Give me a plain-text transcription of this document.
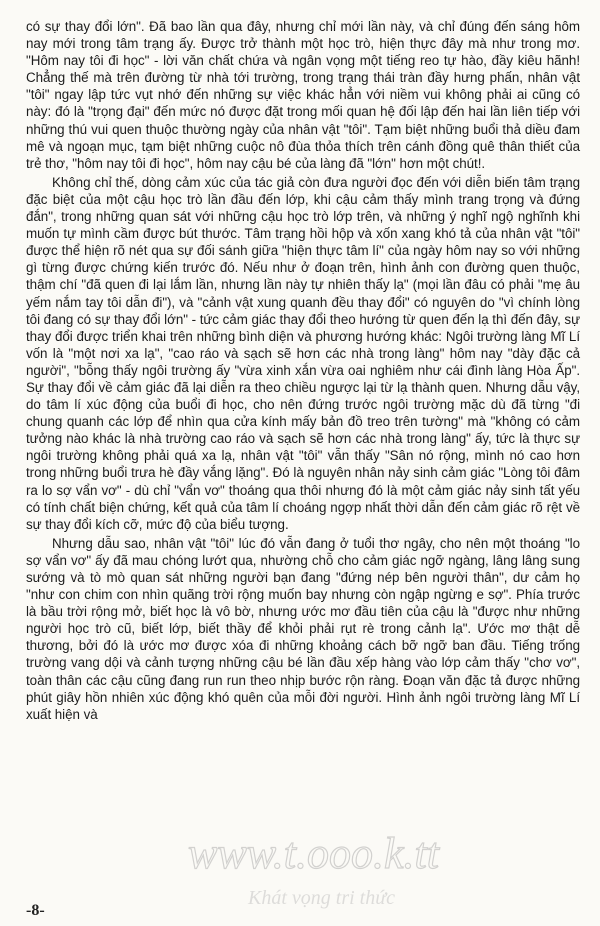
có sự thay đổi lớn". Đã bao lần qua đây, nhưng chỉ mới lần này, và chỉ đúng đến sáng hôm nay mới trong tâm trạng ấy. Được trở thành một học trò, hiện thực đây mà như trong mơ. "Hôm nay tôi đi học" - lời văn chất chứa và ngân vọng một tiếng reo tự hào, đầy kiêu hãnh! Chẳng thế mà trên đường từ nhà tới trường, trong trạng thái tràn đầy hưng phấn, nhân vật "tôi" ngay lập tức vụt nhớ đến những sự việc khác hẳn với niềm vui không phải ai cũng có này: đó là "trọng đại" đến mức nó được đặt trong mối quan hệ đối lập đến hai lần liên tiếp với những thú vui quen thuộc thường ngày của nhân vật "tôi". Tạm biệt những buổi thả diều đam mê và ngoạn mục, tạm biệt những cuộc nô đùa thỏa thích trên cánh đồng quê thân thiết của trẻ thơ, "hôm nay tôi đi học", hôm nay cậu bé của làng đã "lớn" hơn một chút!.

Không chỉ thế, dòng cảm xúc của tác giả còn đưa người đọc đến với diễn biến tâm trạng đặc biệt của một cậu học trò lần đầu đến lớp, khi cậu cảm thấy mình trang trọng và đứng đắn", trong những quan sát với những cậu học trò lớp trên, và những ý nghĩ ngộ nghĩnh khi muốn tự mình cầm được bút thước. Tâm trạng hồi hộp và xốn xang khó tả của nhân vật "tôi" được thể hiện rõ nét qua sự đối sánh giữa "hiện thực tâm lí" của ngày hôm nay so với những gì từng được chứng kiến trước đó. Nếu như ở đoạn trên, hình ảnh con đường quen thuộc, thậm chí "đã quen đi lại lắm lần, nhưng lần này tự nhiên thấy lạ" (mọi lần đâu có phải "mẹ âu yếm nắm tay tôi dẫn đi"), và "cảnh vật xung quanh đều thay đổi" có nguyên do "vì chính lòng tôi đang có sự thay đổi lớn" - tức cảm giác thay đổi theo hướng từ quen đến lạ thì đến đây, sự thay đổi được triển khai trên những bình diện và phương hướng khác: Ngôi trường làng Mĩ Lí vốn là "một nơi xa lạ", "cao ráo và sạch sẽ hơn các nhà trong làng" hôm nay "dày đặc cả người", "bỗng thấy ngôi trường ấy "vừa xinh xắn vừa oai nghiêm như cái đình làng Hòa Ấp". Sự thay đổi về cảm giác đã lại diễn ra theo chiều ngược lại từ lạ thành quen. Nhưng dẫu vậy, do tâm lí xúc động của buổi đi học, cho nên đứng trước ngôi trường mặc dù đã từng "đi chung quanh các lớp để nhìn qua cửa kính mấy bản đồ treo trên tường" mà "không có cảm tưởng nào khác là nhà trường cao ráo và sạch sẽ hơn các nhà trong làng" ấy, tức là thực sự ngôi trường không phải quá xa lạ, nhân vật "tôi" vẫn thấy "Sân nó rộng, mình nó cao hơn trong những buổi trưa hè đầy vắng lặng". Đó là nguyên nhân nảy sinh cảm giác "Lòng tôi đâm ra lo sợ vẩn vơ" - dù chỉ "vẩn vơ" thoáng qua thôi nhưng đó là một cảm giác nảy sinh tất yếu có tính chất biện chứng, kết quả của tâm lí choáng ngợp nhất thời dẫn đến cảm giác rõ rệt về sự thay đổi kích cỡ, mức độ của biểu tượng.

Nhưng dẫu sao, nhân vật "tôi" lúc đó vẫn đang ở tuổi thơ ngây, cho nên một thoáng "lo sợ vẩn vơ" ấy đã mau chóng lướt qua, nhường chỗ cho cảm giác ngỡ ngàng, lâng lâng sung sướng và tò mò quan sát những người bạn đang "đứng nép bên người thân", dư cảm họ "như con chim con nhìn quãng trời rộng muốn bay nhưng còn ngập ngừng e sợ". Phía trước là bầu trời rộng mở, biết học là vô bờ, nhưng ước mơ đầu tiên của cậu là "được như những người học trò cũ, biết lớp, biết thầy để khỏi phải rụt rè trong cảnh lạ". Ước mơ thật dễ thương, bởi đó là ước mơ được xóa đi những khoảng cách bỡ ngỡ ban đầu. Tiếng trống trường vang dội và cảnh tượng những cậu bé lần đầu xếp hàng vào lớp cảm thấy "chơ vơ", toàn thân các cậu cũng đang run run theo nhịp bước rộn ràng. Đoạn văn đặc tả được những phút giây hồn nhiên xúc động khó quên của mỗi đời người. Hình ảnh ngôi trường làng Mĩ Lí xuất hiện và

www.t.ooo.k.tt
Khát vọng tri thức
-8-
